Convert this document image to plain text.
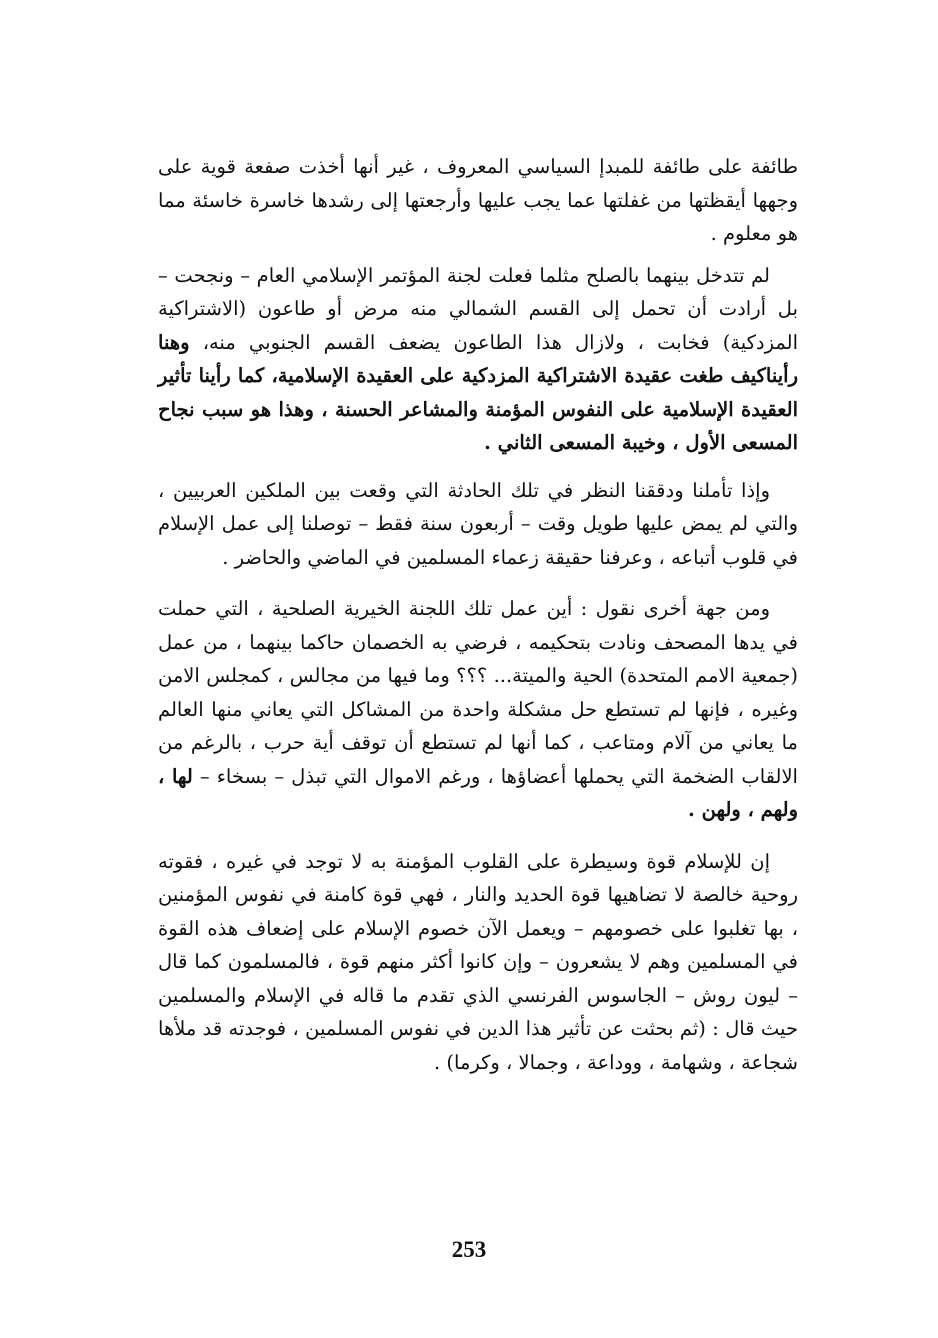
طائفة على طائفة للمبدإ السياسي المعروف ، غير أنها أخذت صفعة قوية على وجهها أيقظتها من غفلتها عما يجب عليها وأرجعتها إلى رشدها خاسرة خاسئة مما هو معلوم .

لم تتدخل بينهما بالصلح مثلما فعلت لجنة المؤتمر الإسلامي العام – ونجحت – بل أرادت أن تحمل إلى القسم الشمالي منه مرض أو طاعون (الاشتراكية المزدكية) فخابت ، ولازال هذا الطاعون يضعف القسم الجنوبي منه، وهنا رأيناكيف طغت عقيدة الاشتراكية المزدكية على العقيدة الإسلامية، كما رأينا تأثير العقيدة الإسلامية على النفوس المؤمنة والمشاعر الحسنة ، وهذا هو سبب نجاح المسعى الأول ، وخيبة المسعى الثاني .

وإذا تأملنا ودققنا النظر في تلك الحادثة التي وقعت بين الملكين العربيين ، والتي لم يمض عليها طويل وقت – أربعون سنة فقط – توصلنا إلى عمل الإسلام في قلوب أتباعه ، وعرفنا حقيقة زعماء المسلمين في الماضي والحاضر .

ومن جهة أخرى نقول : أين عمل تلك اللجنة الخيرية الصلحية ، التي حملت في يدها المصحف ونادت بتحكيمه ، فرضي به الخصمان حاكما بينهما ، من عمل (جمعية الامم المتحدة) الحية والميتة... ؟؟؟ وما فيها من مجالس ، كمجلس الامن وغيره ، فإنها لم تستطع حل مشكلة واحدة من المشاكل التي يعاني منها العالم ما يعاني من آلام ومتاعب ، كما أنها لم تستطع أن توقف أية حرب ، بالرغم من الالقاب الضخمة التي يحملها أعضاؤها ، ورغم الاموال التي تبذل – بسخاء – لها ، ولهم ، ولهن .

إن للإسلام قوة وسيطرة على القلوب المؤمنة به لا توجد في غيره ، فقوته روحية خالصة لا تضاهيها قوة الحديد والنار ، فهي قوة كامنة في نفوس المؤمنين ، بها تغلبوا على خصومهم – ويعمل الآن خصوم الإسلام على إضعاف هذه القوة في المسلمين وهم لا يشعرون – وإن كانوا أكثر منهم قوة ، فالمسلمون كما قال – ليون روش – الجاسوس الفرنسي الذي تقدم ما قاله في الإسلام والمسلمين حيث قال : (ثم بحثت عن تأثير هذا الدين في نفوس المسلمين ، فوجدته قد ملأها شجاعة ، وشهامة ، ووداعة ، وجمالا ، وكرما) .

253
